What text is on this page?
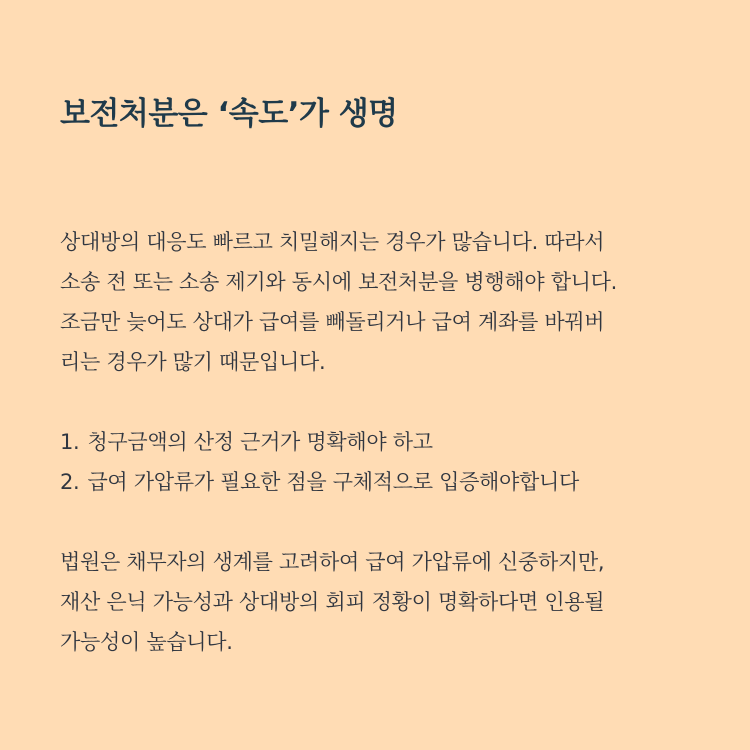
보전처분은 ‘속도’가 생명

상대방의 대응도 빠르고 치밀해지는 경우가 많습니다. 따라서
소송 전 또는 소송 제기와 동시에 보전처분을 병행해야 합니다.
조금만 늦어도 상대가 급여를 빼돌리거나 급여 계좌를 바꿔버
리는 경우가 많기 때문입니다.

1. 청구금액의 산정 근거가 명확해야 하고
2. 급여 가압류가 필요한 점을 구체적으로 입증해야합니다

법원은 채무자의 생계를 고려하여 급여 가압류에 신중하지만,
재산 은닉 가능성과 상대방의 회피 정황이 명확하다면 인용될
가능성이 높습니다.
